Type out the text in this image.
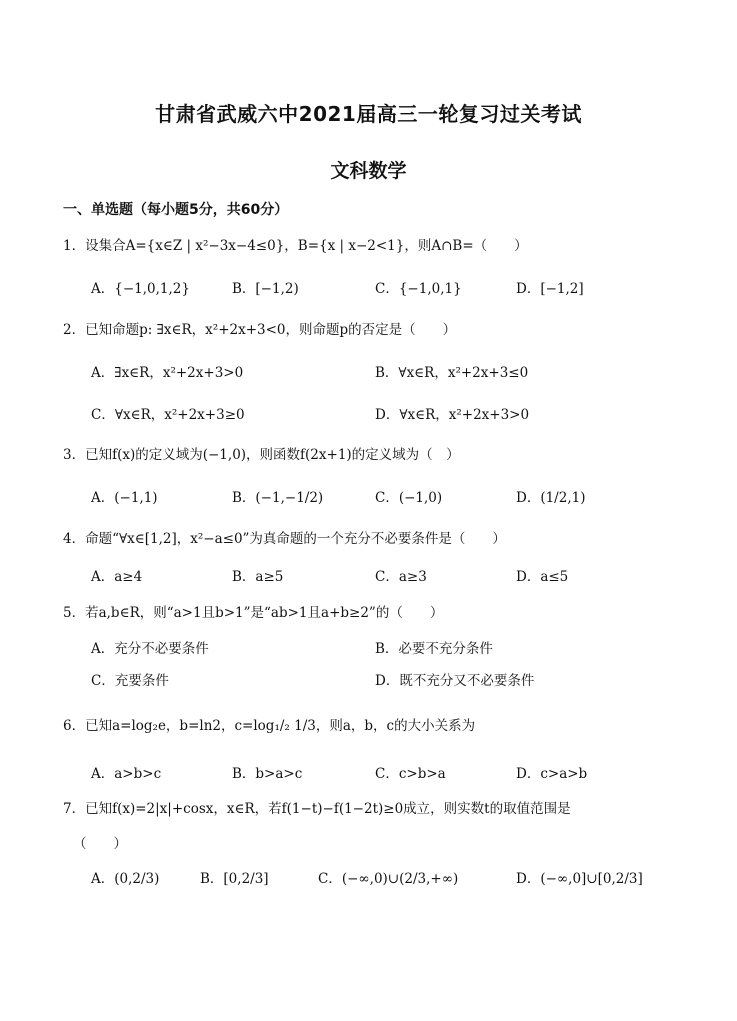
甘肃省武威六中2021届高三一轮复习过关考试
文科数学
一、单选题（每小题5分，共60分）
1．设集合A={x∈Z | x²−3x−4≤0}，B={x | x−2<1}，则A∩B=（　　）
A．{−1,0,1,2}	B．[−1,2)	C．{−1,0,1}	D．[−1,2]
2．已知命题p: ∃x∈R，x²+2x+3<0，则命题p的否定是（　　）
A．∃x∈R，x²+2x+3>0	B．∀x∈R，x²+2x+3≤0
C．∀x∈R，x²+2x+3≥0	D．∀x∈R，x²+2x+3>0
3．已知f(x)的定义域为(−1,0)，则函数f(2x+1)的定义域为（　）
A．(−1,1)	B．(−1,−1/2)	C．(−1,0)	D．(1/2,1)
4．命题“∀x∈[1,2]，x²−a≤0”为真命题的一个充分不必要条件是（　　）
A．a≥4	B．a≥5	C．a≥3	D．a≤5
5．若a,b∈R，则“a>1且b>1”是“ab>1且a+b≥2”的（　　）
A．充分不必要条件	B．必要不充分条件
C．充要条件	D．既不充分又不必要条件
6．已知a=log₂e，b=ln2，c=log₁/₂ 1/3，则a，b，c的大小关系为
A．a>b>c	B．b>a>c	C．c>b>a	D．c>a>b
7．已知f(x)=2|x|+cosx，x∈R，若f(1−t)−f(1−2t)≥0成立，则实数t的取值范围是
（　　）
A．(0,2/3)	B．[0,2/3]	C．(−∞,0)∪(2/3,+∞)	D．(−∞,0]∪[0,2/3]
